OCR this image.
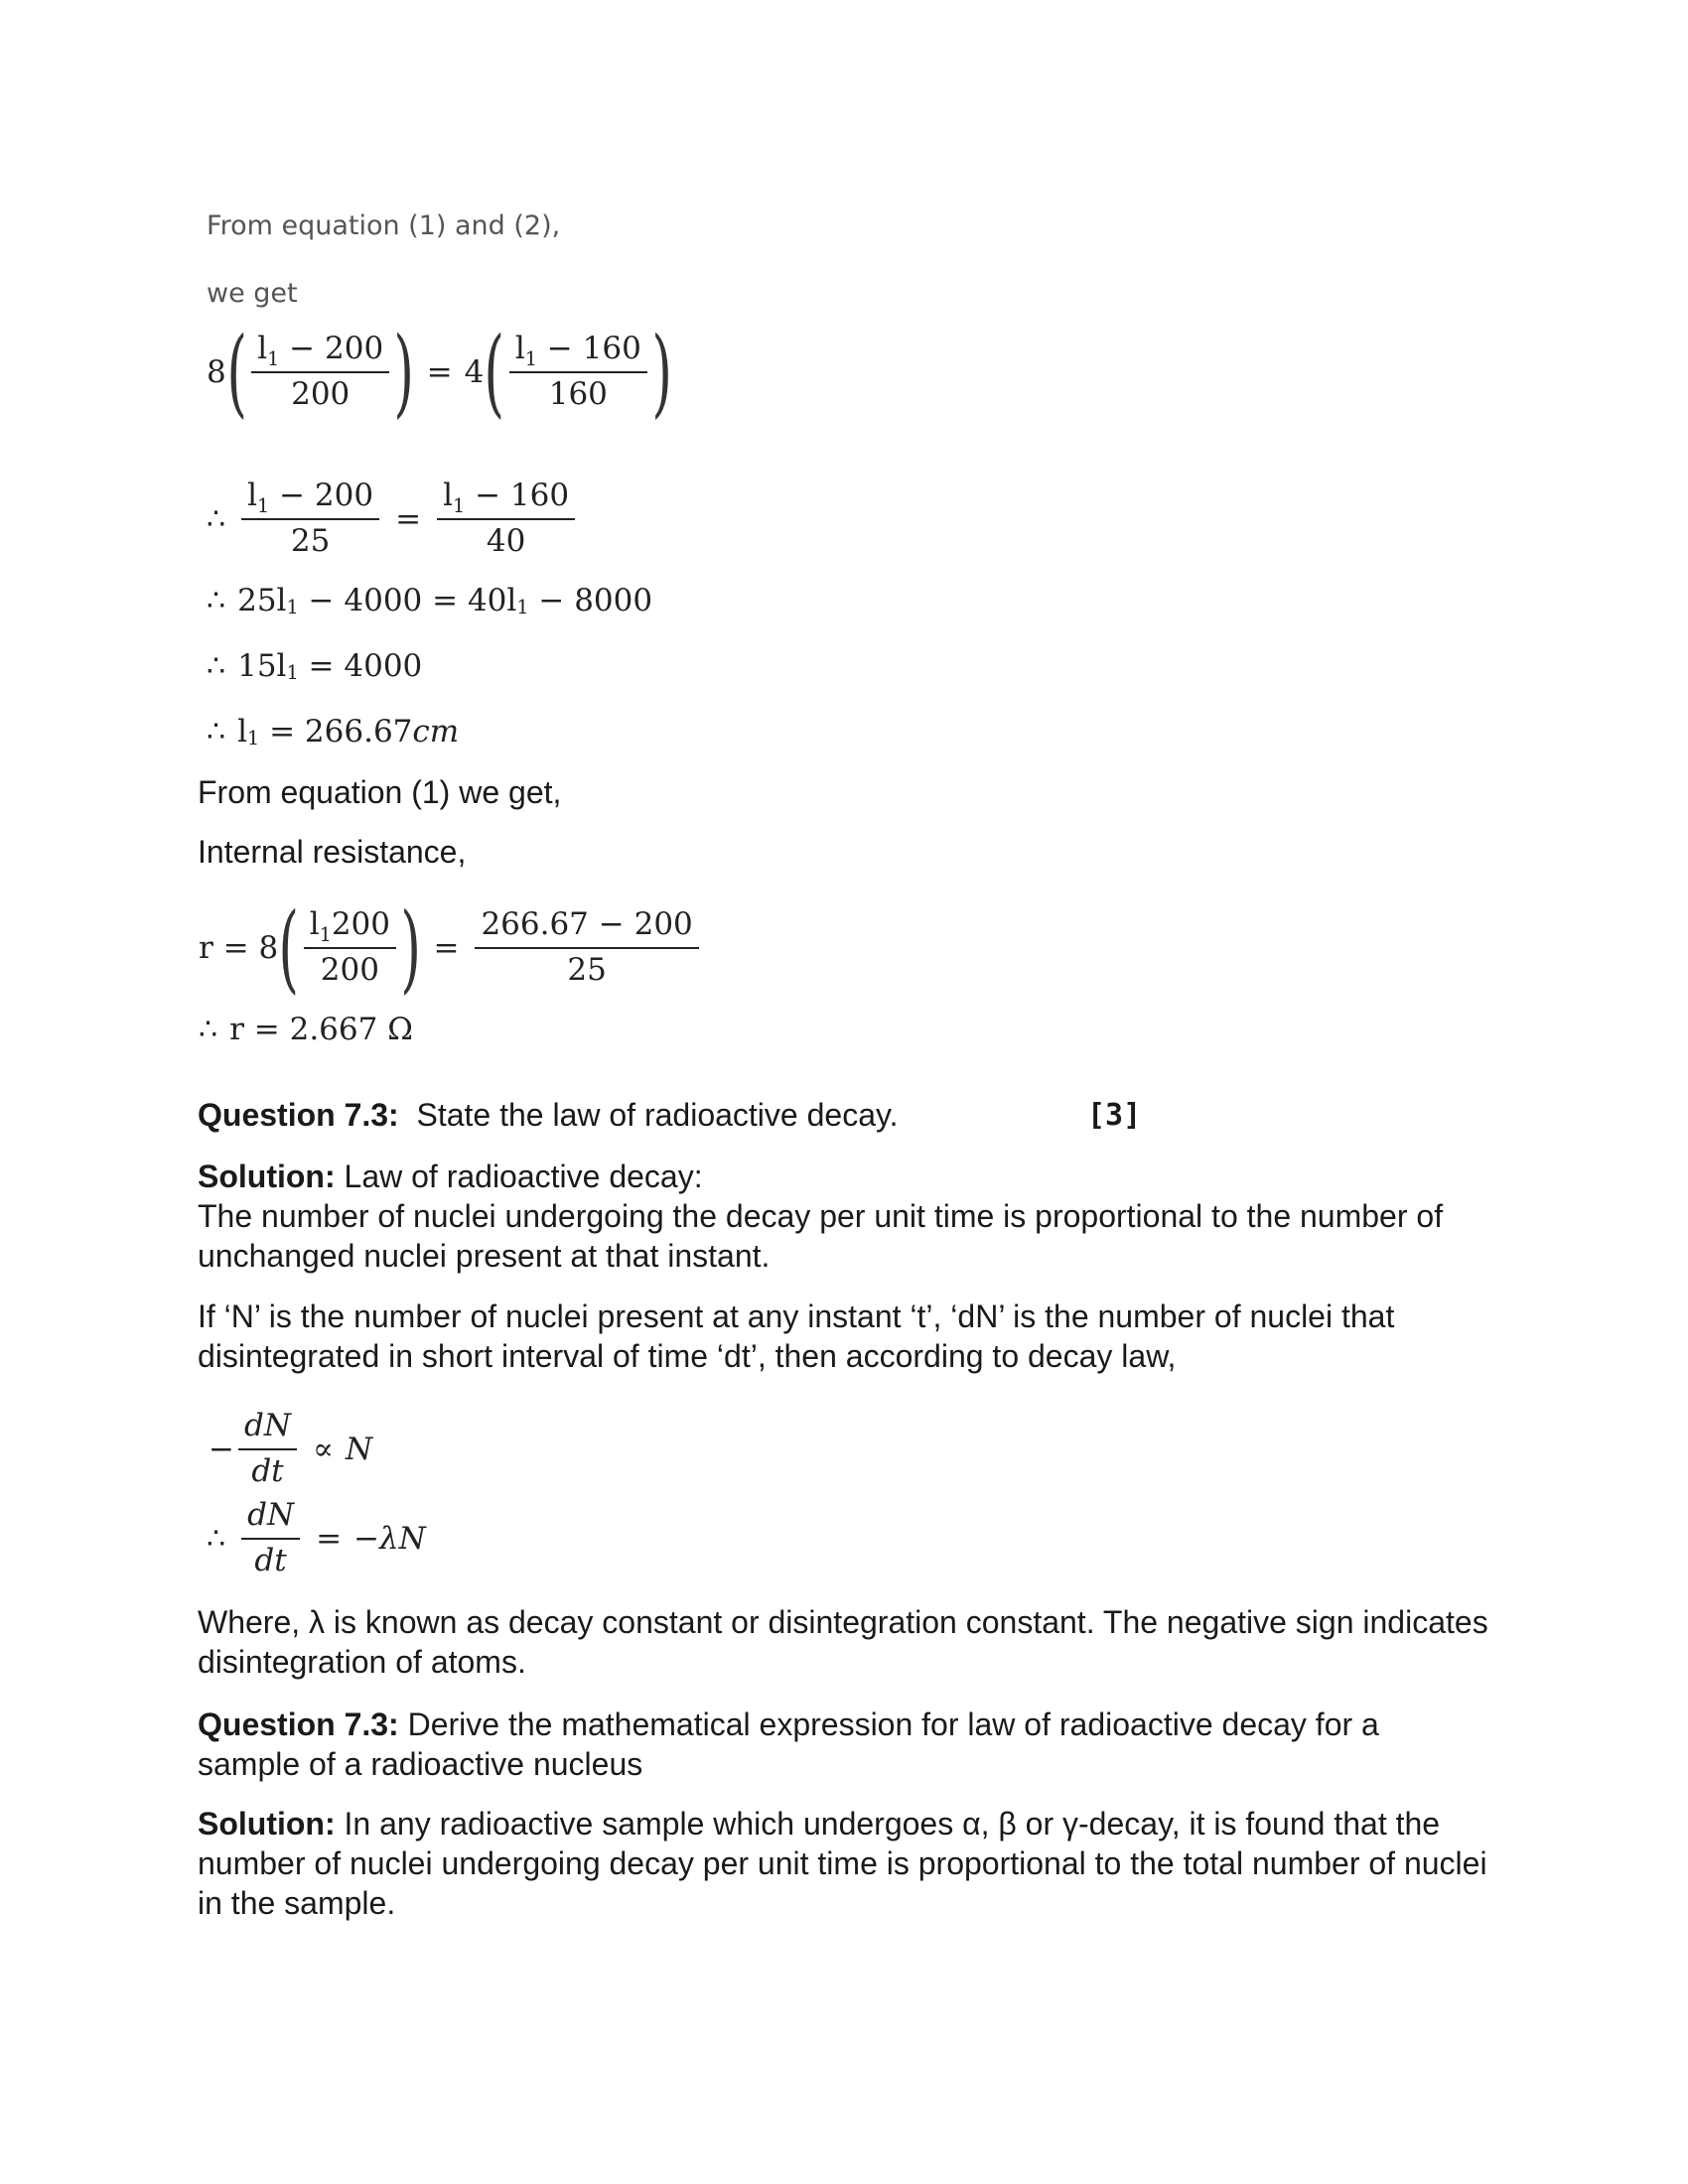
From equation (1) and (2),
we get
8 ( $\frac{l_1 - 200}{200}$ ) = 4 ( $\frac{l_1 - 160}{160}$ )
∴ $\frac{l_1 - 200}{25} = \frac{l_1 - 160}{40}$
∴ 25l 1 − 4000 = 40l 1 − 8000
∴ 15l 1 = 4000
∴ l 1 = 266.67 cm
From equation (1) we get,
Internal resistance,
r = 8 ( $\frac{l_1200}{200}$ ) = $\frac{266.67 - 200}{25}$
∴ r = 2.667 Ω
Question 7.3: State the law of radioactive decay.	[3]
Solution: Law of radioactive decay:
The number of nuclei undergoing the decay per unit time is proportional to the number of unchanged nuclei present at that instant.
If ‘N’ is the number of nuclei present at any instant ‘t’, ‘dN’ is the number of nuclei that disintegrated in short interval of time ‘dt’, then according to decay law,
− $\frac{dN}{dt} \propto N$
∴ $\frac{dN}{dt} = -\lambda N$
Where, λ is known as decay constant or disintegration constant. The negative sign indicates disintegration of atoms.
Question 7.3: Derive the mathematical expression for law of radioactive decay for a sample of a radioactive nucleus
Solution: In any radioactive sample which undergoes α, β or γ-decay, it is found that the number of nuclei undergoing decay per unit time is proportional to the total number of nuclei in the sample.
